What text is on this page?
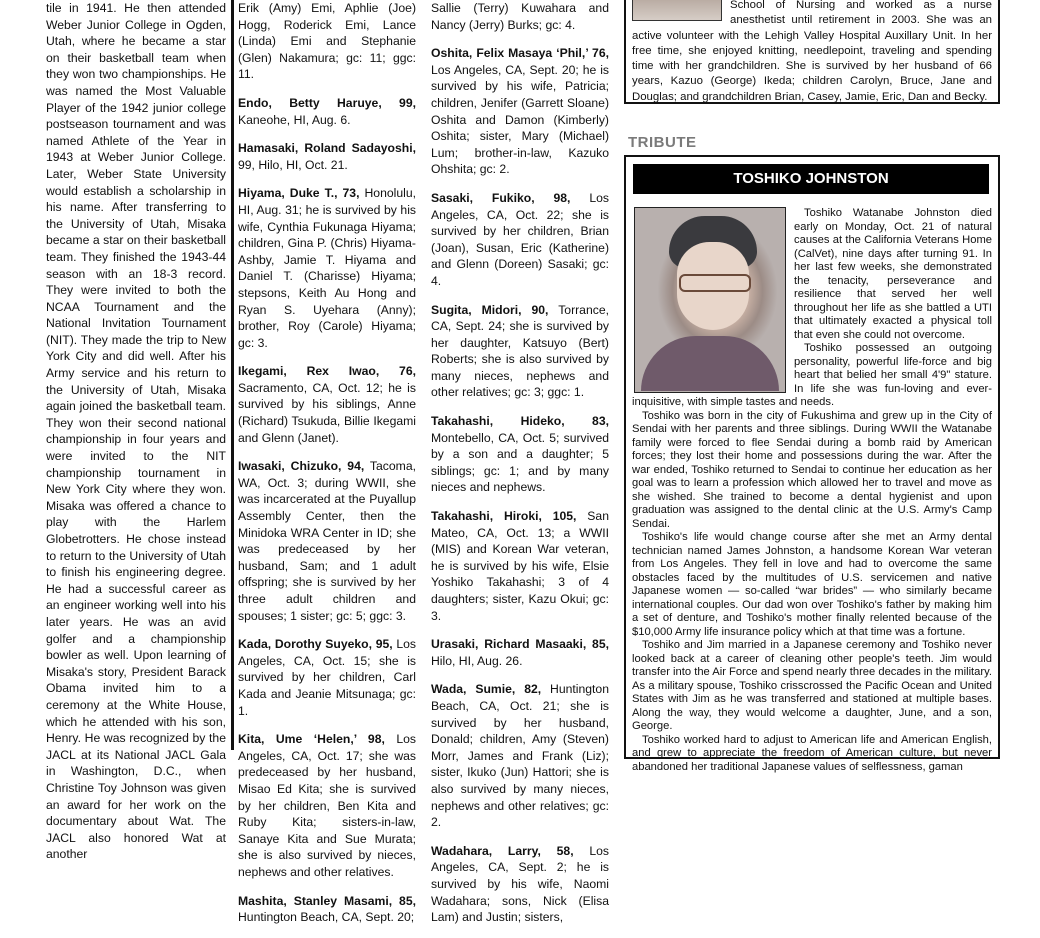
tile in 1941. He then attended Weber Junior College in Ogden, Utah, where he became a star on their basketball team when they won two championships. He was named the Most Valuable Player of the 1942 junior college postseason tournament and was named Athlete of the Year in 1943 at Weber Junior College. Later, Weber State University would establish a scholarship in his name. After transferring to the University of Utah, Misaka became a star on their basketball team. They finished the 1943-44 season with an 18-3 record. They were invited to both the NCAA Tournament and the National Invitation Tournament (NIT). They made the trip to New York City and did well. After his Army service and his return to the University of Utah, Misaka again joined the basketball team. They won their second national championship in four years and were invited to the NIT championship tournament in New York City where they won. Misaka was offered a chance to play with the Harlem Globetrotters. He chose instead to return to the University of Utah to finish his engineering degree. He had a successful career as an engineer working well into his later years. He was an avid golfer and a championship bowler as well. Upon learning of Misaka's story, President Barack Obama invited him to a ceremony at the White House, which he attended with his son, Henry. He was recognized by the JACL at its National JACL Gala in Washington, D.C., when Christine Toy Johnson was given an award for her work on the documentary about Wat. The JACL also honored Wat at another
Erik (Amy) Emi, Aphlie (Joe) Hogg, Roderick Emi, Lance (Linda) Emi and Stephanie (Glen) Nakamura; gc: 11; ggc: 11.
Endo, Betty Haruye, 99, Kaneohe, HI, Aug. 6.
Hamasaki, Roland Sadayoshi, 99, Hilo, HI, Oct. 21.
Hiyama, Duke T., 73, Honolulu, HI, Aug. 31; he is survived by his wife, Cynthia Fukunaga Hiyama; children, Gina P. (Chris) Hiyama-Ashby, Jamie T. Hiyama and Daniel T. (Charisse) Hiyama; stepsons, Keith Au Hong and Ryan S. Uyehara (Anny); brother, Roy (Carole) Hiyama; gc: 3.
Ikegami, Rex Iwao, 76, Sacramento, CA, Oct. 12; he is survived by his siblings, Anne (Richard) Tsukuda, Billie Ikegami and Glenn (Janet).
Iwasaki, Chizuko, 94, Tacoma, WA, Oct. 3; during WWII, she was incarcerated at the Puyallup Assembly Center, then the Minidoka WRA Center in ID; she was predeceased by her husband, Sam; and 1 adult offspring; she is survived by her three adult children and spouses; 1 sister; gc: 5; ggc: 3.
Kada, Dorothy Suyeko, 95, Los Angeles, CA, Oct. 15; she is survived by her children, Carl Kada and Jeanie Mitsunaga; gc: 1.
Kita, Ume ‘Helen,’ 98, Los Angeles, CA, Oct. 17; she was predeceased by her husband, Misao Ed Kita; she is survived by her children, Ben Kita and Ruby Kita; sisters-in-law, Sanaye Kita and Sue Murata; she is also survived by nieces, nephews and other relatives.
Mashita, Stanley Masami, 85, Huntington Beach, CA, Sept. 20;
Sallie (Terry) Kuwahara and Nancy (Jerry) Burks; gc: 4.
Oshita, Felix Masaya ‘Phil,’ 76, Los Angeles, CA, Sept. 20; he is survived by his wife, Patricia; children, Jenifer (Garrett Sloane) Oshita and Damon (Kimberly) Oshita; sister, Mary (Michael) Lum; brother-in-law, Kazuko Ohshita; gc: 2.
Sasaki, Fukiko, 98, Los Angeles, CA, Oct. 22; she is survived by her children, Brian (Joan), Susan, Eric (Katherine) and Glenn (Doreen) Sasaki; gc: 4.
Sugita, Midori, 90, Torrance, CA, Sept. 24; she is survived by her daughter, Katsuyo (Bert) Roberts; she is also survived by many nieces, nephews and other relatives; gc: 3; ggc: 1.
Takahashi, Hideko, 83, Montebello, CA, Oct. 5; survived by a son and a daughter; 5 siblings; gc: 1; and by many nieces and nephews.
Takahashi, Hiroki, 105, San Mateo, CA, Oct. 13; a WWII (MIS) and Korean War veteran, he is survived by his wife, Elsie Yoshiko Takahashi; 3 of 4 daughters; sister, Kazu Okui; gc: 3.
Urasaki, Richard Masaaki, 85, Hilo, HI, Aug. 26.
Wada, Sumie, 82, Huntington Beach, CA, Oct. 21; she is survived by her husband, Donald; children, Amy (Steven) Morr, James and Frank (Liz); sister, Ikuko (Jun) Hattori; she is also survived by many nieces, nephews and other relatives; gc: 2.
Wadahara, Larry, 58, Los Angeles, CA, Sept. 2; he is survived by his wife, Naomi Wadahara; sons, Nick (Elisa Lam) and Justin; sisters,
School of Nursing and worked as a nurse anesthetist until retirement in 2003. She was an active volunteer with the Lehigh Valley Hospital Auxillary Unit. In her free time, she enjoyed knitting, needlepoint, traveling and spending time with her grandchildren. She is survived by her husband of 66 years, Kazuo (George) Ikeda; children Carolyn, Bruce, Jane and Douglas; and grandchildren Brian, Casey, Jamie, Eric, Dan and Becky.
TRIBUTE
TOSHIKO JOHNSTON

Toshiko Watanabe Johnston died early on Monday, Oct. 21 of natural causes at the California Veterans Home (CalVet), nine days after turning 91. In her last few weeks, she demonstrated the tenacity, perseverance and resilience that served her well throughout her life as she battled a UTI that ultimately exacted a physical toll that even she could not overcome.

Toshiko possessed an outgoing personality, powerful life-force and big heart that belied her small 4'9" stature. In life she was fun-loving and ever-inquisitive, with simple tastes and needs.

Toshiko was born in the city of Fukushima and grew up in the City of Sendai with her parents and three siblings. During WWII the Watanabe family were forced to flee Sendai during a bomb raid by American forces; they lost their home and possessions during the war. After the war ended, Toshiko returned to Sendai to continue her education as her goal was to learn a profession which allowed her to travel and move as she wished. She trained to become a dental hygienist and upon graduation was assigned to the dental clinic at the U.S. Army's Camp Sendai.

Toshiko's life would change course after she met an Army dental technician named James Johnston, a handsome Korean War veteran from Los Angeles. They fell in love and had to overcome the same obstacles faced by the multitudes of U.S. servicemen and native Japanese women — so-called “war brides” — who similarly became international couples. Our dad won over Toshiko's father by making him a set of denture, and Toshiko's mother finally relented because of the $10,000 Army life insurance policy which at that time was a fortune.

Toshiko and Jim married in a Japanese ceremony and Toshiko never looked back at a career of cleaning other people's teeth. Jim would transfer into the Air Force and spend nearly three decades in the military. As a military spouse, Toshiko crisscrossed the Pacific Ocean and United States with Jim as he was transferred and stationed at multiple bases. Along the way, they would welcome a daughter, June, and a son, George.

Toshiko worked hard to adjust to American life and American English, and grew to appreciate the freedom of American culture, but never abandoned her traditional Japanese values of selflessness, gaman
